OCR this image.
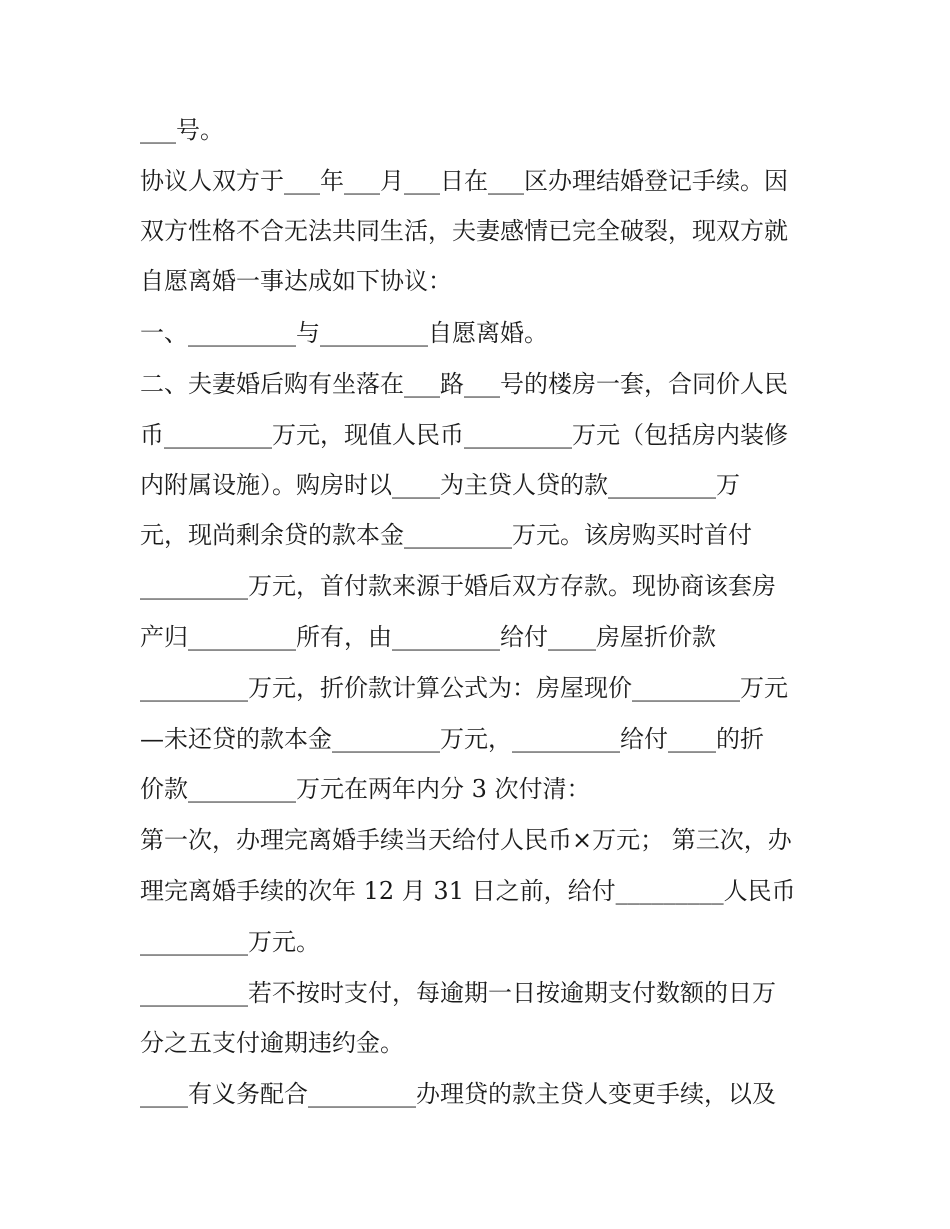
___号。
协议人双方于___年___月___日在___区办理结婚登记手续。因
双方性格不合无法共同生活，夫妻感情已完全破裂，现双方就
自愿离婚一事达成如下协议：
一、_________与_________自愿离婚。
二、夫妻婚后购有坐落在___路___号的楼房一套，合同价人民
币_________万元，现值人民币_________万元（包括房内装修
内附属设施）。购房时以____为主贷人贷的款_________万
元，现尚剩余贷的款本金_________万元。该房购买时首付
_________万元，首付款来源于婚后双方存款。现协商该套房
产归_________所有，由_________给付____房屋折价款
_________万元，折价款计算公式为：房屋现价_________万元
—未还贷的款本金_________万元，_________给付____的折
价款_________万元在两年内分 3 次付清：
第一次，办理完离婚手续当天给付人民币×万元； 第三次，办
理完离婚手续的次年 12 月 31 日之前，给付_________人民币
_________万元。
_________若不按时支付，每逾期一日按逾期支付数额的日万
分之五支付逾期违约金。
____有义务配合_________办理贷的款主贷人变更手续，以及
